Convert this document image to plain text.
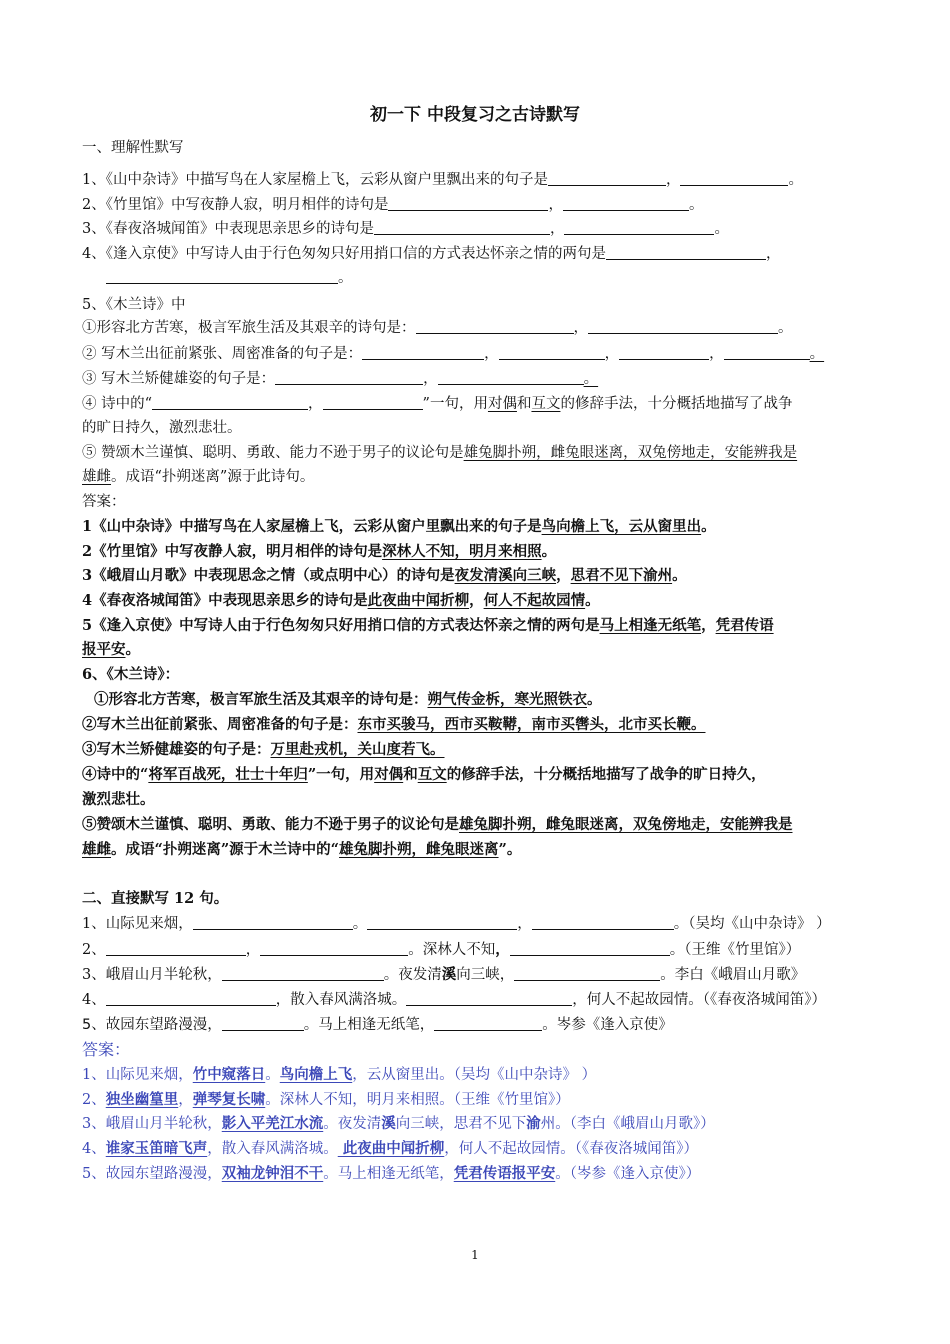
初一下 中段复习之古诗默写
一、理解性默写
1、《山中杂诗》中描写鸟在人家屋檐上飞，云彩从窗户里飘出来的句子是	，	。
2、《竹里馆》中写夜静人寂，明月相伴的诗句是	，	。
3、《春夜洛城闻笛》中表现思亲思乡的诗句是	，	。
4、《逢入京使》中写诗人由于行色匆匆只好用捎口信的方式表达怀亲之情的两句是	，
。
5、《木兰诗》中
①形容北方苦寒，极言军旅生活及其艰辛的诗句是：	，	。
② 写木兰出征前紧张、周密准备的句子是：	，	，	，	。
③ 写木兰矫健雄姿的句子是：	，	。
④ 诗中的“	，	”一句，用对偶和互文的修辞手法，十分概括地描写了战争
的旷日持久，激烈悲壮。
⑤ 赞颂木兰谨慎、聪明、勇敢、能力不逊于男子的议论句是雄兔脚扑朔，雌兔眼迷离，双兔傍地走，安能辨我是
雄雌。成语“扑朔迷离”源于此诗句。
答案：
1《山中杂诗》中描写鸟在人家屋檐上飞，云彩从窗户里飘出来的句子是鸟向檐上飞，云从窗里出。
2《竹里馆》中写夜静人寂，明月相伴的诗句是深林人不知，明月来相照。
3《峨眉山月歌》中表现思念之情（或点明中心）的诗句是夜发清溪向三峡，思君不见下渝州。
4《春夜洛城闻笛》中表现思亲思乡的诗句是此夜曲中闻折柳，何人不起故园情。
5《逢入京使》中写诗人由于行色匆匆只好用捎口信的方式表达怀亲之情的两句是马上相逢无纸笔，凭君传语
报平安。
6、《木兰诗》：
①形容北方苦寒，极言军旅生活及其艰辛的诗句是：朔气传金柝，寒光照铁衣。
②写木兰出征前紧张、周密准备的句子是：东市买骏马，西市买鞍鞯，南市买辔头，北市买长鞭。
③写木兰矫健雄姿的句子是：万里赴戎机，关山度若飞。
④诗中的“将军百战死，壮士十年归”一句，用对偶和互文的修辞手法，十分概括地描写了战争的旷日持久，
激烈悲壮。
⑤赞颂木兰谨慎、聪明、勇敢、能力不逊于男子的议论句是雄兔脚扑朔，雌兔眼迷离，双兔傍地走，安能辨我是
雄雌。成语“扑朔迷离”源于木兰诗中的“雄兔脚扑朔，雌兔眼迷离”。
二、直接默写 12 句。
1、山际见来烟，	。	，	。（吴均《山中杂诗》 ）
2、	，	。深林人不知，	。（王维《竹里馆》）
3、峨眉山月半轮秋，	。夜发清溪向三峡，	。李白《峨眉山月歌》
4、	，散入春风满洛城。	，何人不起故园情。（《春夜洛城闻笛》）
5、故园东望路漫漫，	。马上相逢无纸笔，	。岑参《逢入京使》
答案：
1、山际见来烟，竹中窥落日。鸟向檐上飞，云从窗里出。（吴均《山中杂诗》 ）
2、独坐幽篁里，弹琴复长啸。深林人不知，明月来相照。（王维《竹里馆》）
3、峨眉山月半轮秋，影入平羌江水流。夜发清溪向三峡，思君不见下渝州。（李白《峨眉山月歌》）
4、谁家玉笛暗飞声，散入春风满洛城。 此夜曲中闻折柳，何人不起故园情。（《春夜洛城闻笛》）
5、故园东望路漫漫，双袖龙钟泪不干。马上相逢无纸笔，凭君传语报平安。（岑参《逢入京使》）
1
